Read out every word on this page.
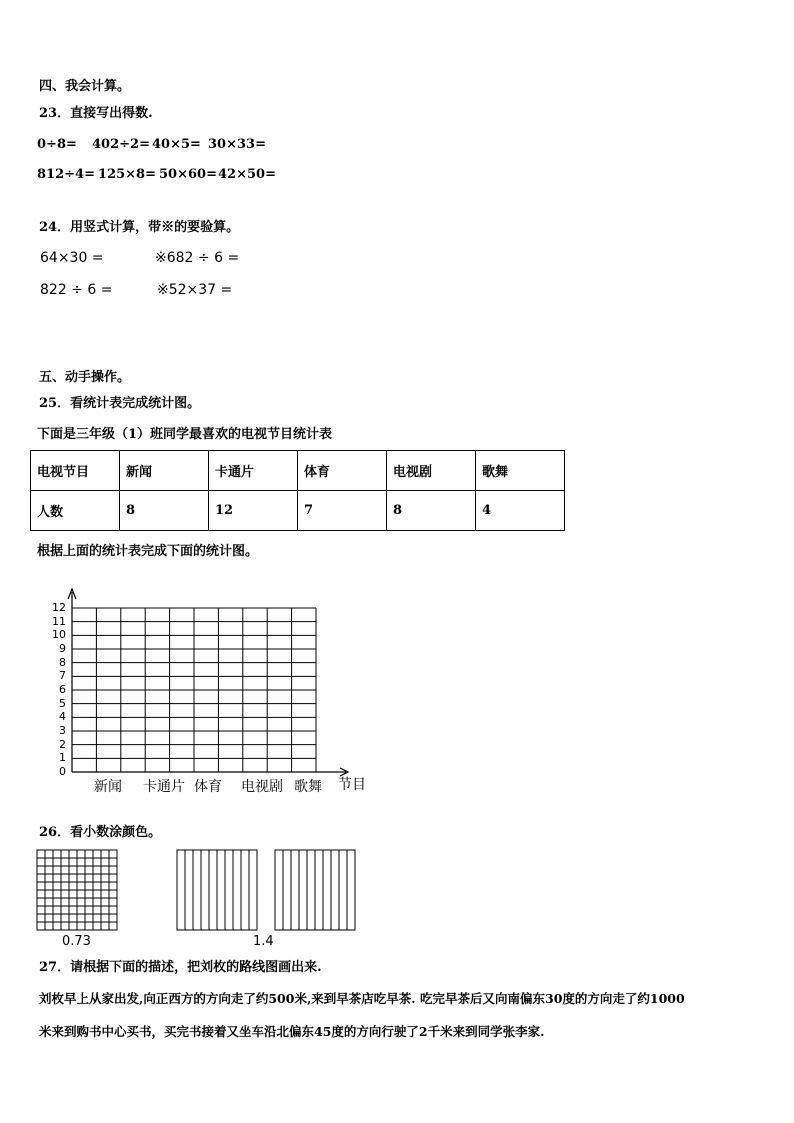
四、我会计算。
23．直接写出得数.
0÷8= 402÷2= 40×5= 30×33=
812÷4= 125×8= 50×60= 42×50=
24．用竖式计算，带※的要验算。
64×30 =	※682 ÷ 6 =
822 ÷ 6 =	※52×37 =
五、动手操作。
25．看统计表完成统计图。
下面是三年级（1）班同学最喜欢的电视节目统计表
电视节目	新闻	卡通片	体育	电视剧	歌舞
人数	8	12	7	8	4
根据上面的统计表完成下面的统计图。
0
1
2
3
4
5
6
7
8
9
10
11
12
新闻 卡通片 体育 电视剧 歌舞 节目
26．看小数涂颜色。
0.73	1.4
27．请根据下面的描述，把刘枚的路线图画出来.
刘枚早上从家出发,向正西方的方向走了约500米,来到早茶店吃早茶. 吃完早茶后又向南偏东30度的方向走了约1000
米来到购书中心买书，买完书接着又坐车沿北偏东45度的方向行驶了2千米来到同学张李家.
